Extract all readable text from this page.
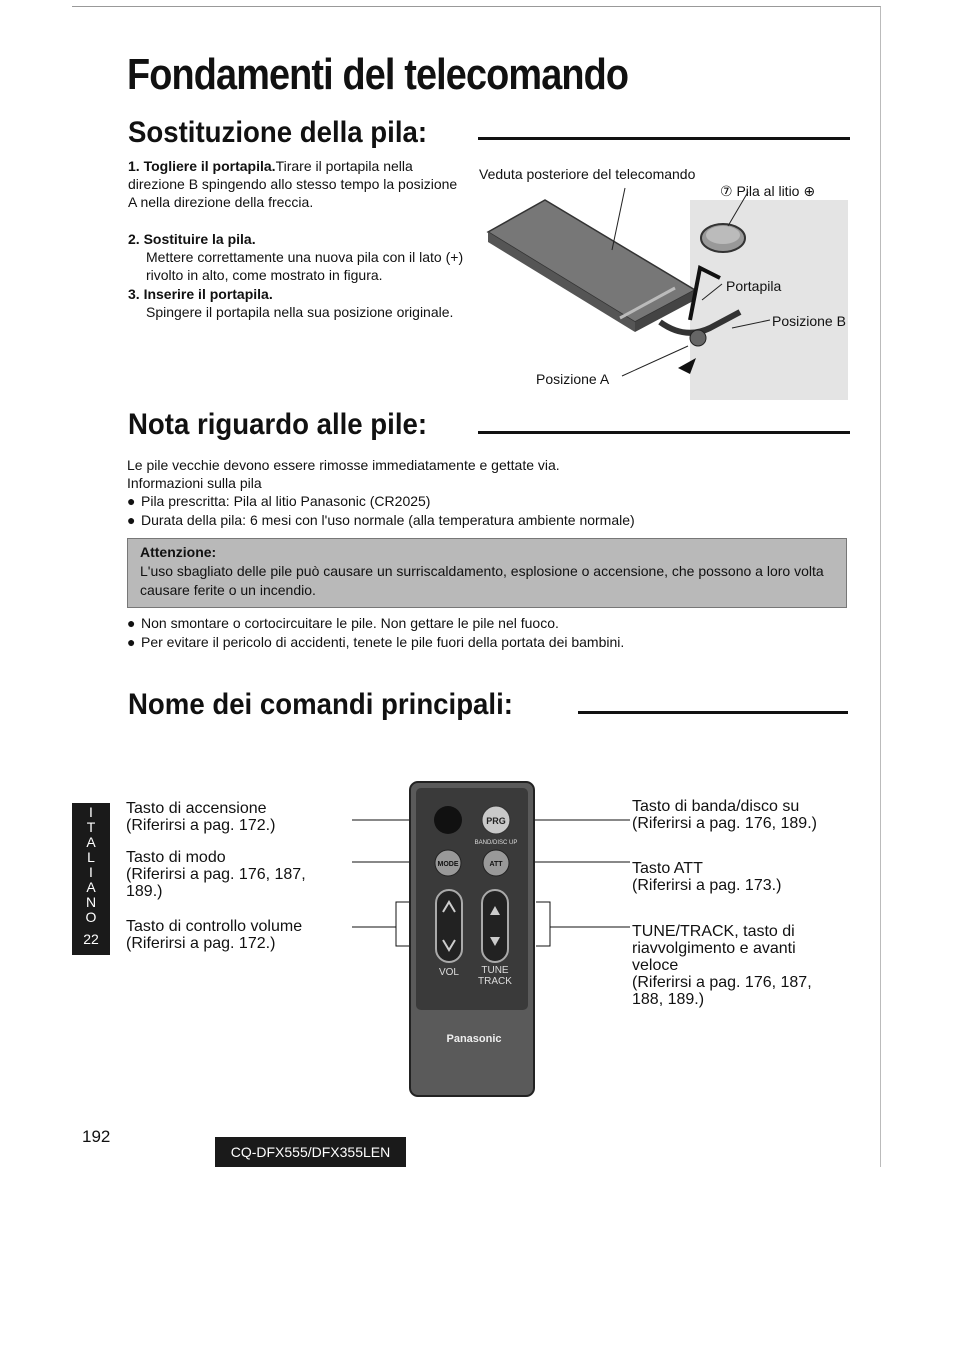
Fondamenti del telecomando
Sostituzione della pila:
1. Togliere il portapila.Tirare il portapila nella direzione B spingendo allo stesso tempo la posizione A nella direzione della freccia.
2. Sostituire la pila.
Mettere correttamente una nuova pila con il lato (+) rivolto in alto, come mostrato in figura.
3. Inserire il portapila.
Spingere il portapila nella sua posizione originale.
Veduta posteriore del telecomando
⑦ Pila al litio ⊕
Portapila
Posizione B
Posizione A
Nota riguardo alle pile:
Le pile vecchie devono essere rimosse immediatamente e gettate via.
Informazioni sulla pila
● Pila prescritta: Pila al litio Panasonic (CR2025)
● Durata della pila: 6 mesi con l'uso normale (alla temperatura ambiente normale)
Attenzione:
L'uso sbagliato delle pile può causare un surriscaldamento, esplosione o accensione, che possono a loro volta causare ferite o un incendio.
● Non smontare o cortocircuitare le pile. Non gettare le pile nel fuoco.
● Per evitare il pericolo di accidenti, tenete le pile fuori della portata dei bambini.
Nome dei comandi principali:
Tasto di accensione
(Riferirsi a pag. 172.)
Tasto di modo
(Riferirsi a pag. 176, 187,
189.)
Tasto di controllo volume
(Riferirsi a pag. 172.)
Tasto di banda/disco su
(Riferirsi a pag. 176, 189.)
Tasto ATT
(Riferirsi a pag. 173.)
TUNE/TRACK, tasto di
riavvolgimento e avanti
veloce
(Riferirsi a pag. 176, 187,
188, 189.)
PRG
BAND/DISC UP
MODE	ATT
VOL TUNE
TRACK
Panasonic
I
T
A
L
I
A
N
O
22
192
CQ-DFX555/DFX355LEN
